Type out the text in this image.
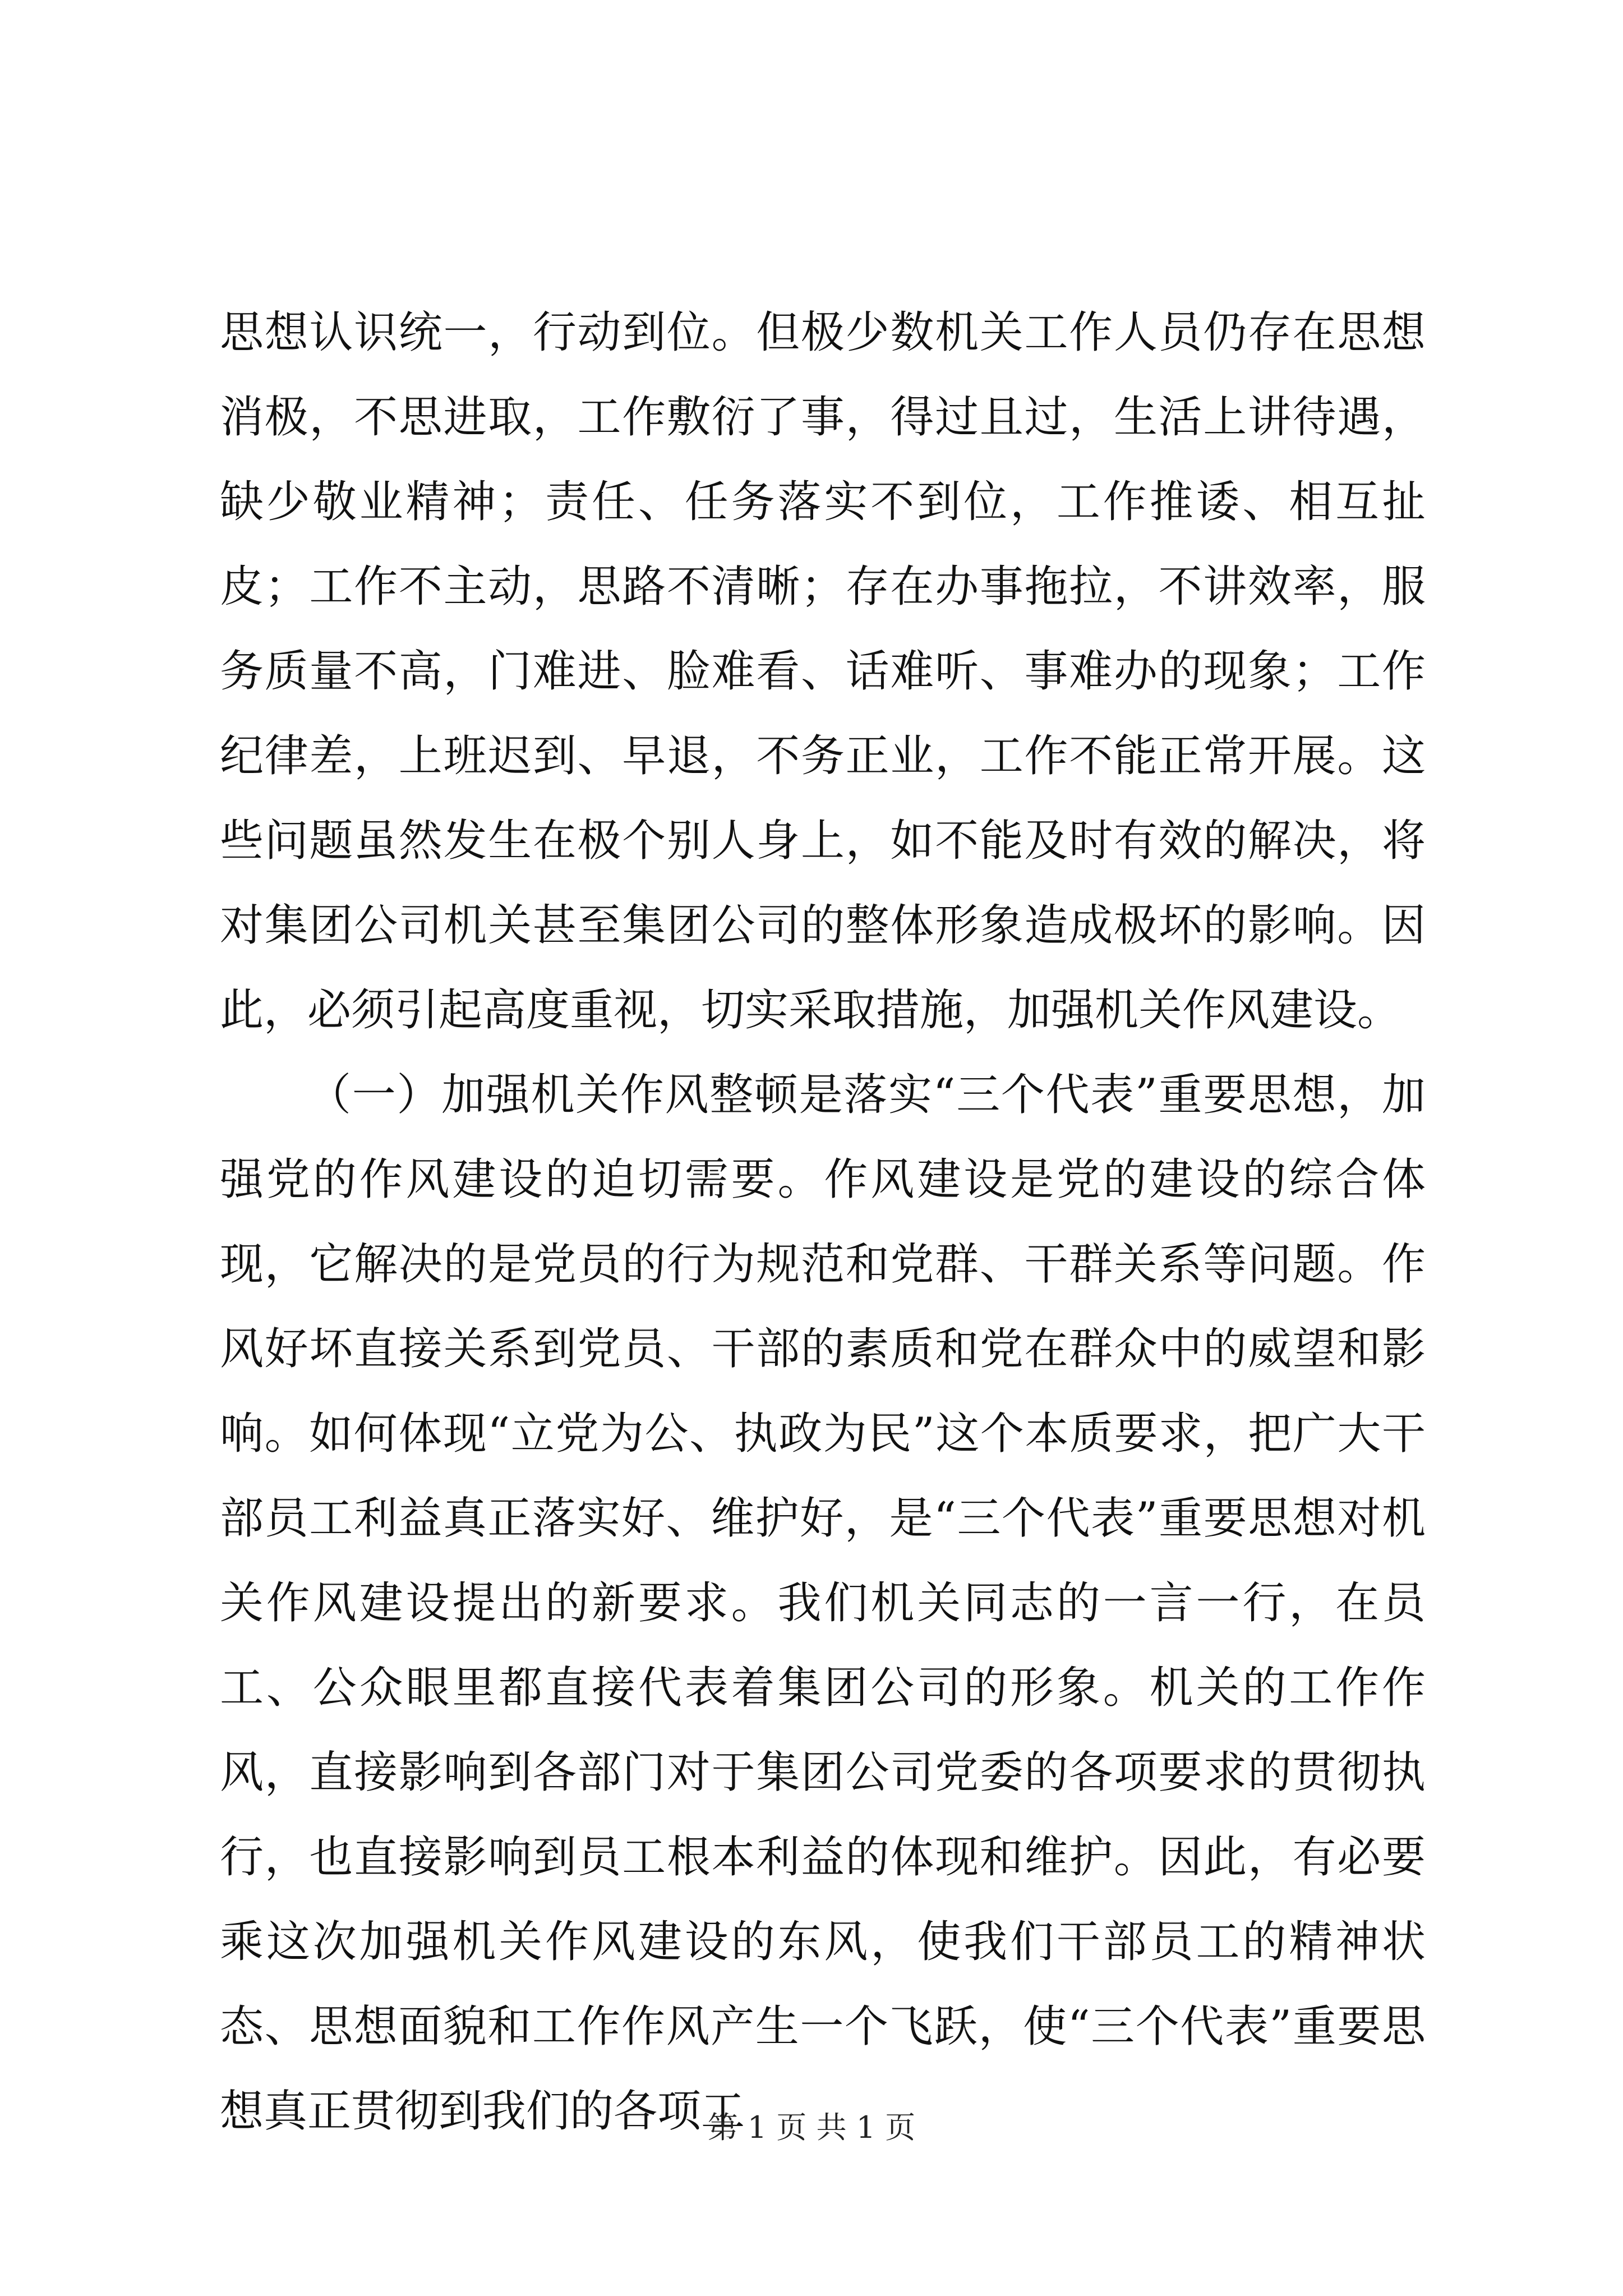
思想认识统一，行动到位。但极少数机关工作人员仍存在思想消极，不思进取，工作敷衍了事，得过且过，生活上讲待遇，缺少敬业精神；责任、任务落实不到位，工作推诿、相互扯皮；工作不主动，思路不清晰；存在办事拖拉，不讲效率，服务质量不高，门难进、脸难看、话难听、事难办的现象；工作纪律差，上班迟到、早退，不务正业，工作不能正常开展。这些问题虽然发生在极个别人身上，如不能及时有效的解决，将对集团公司机关甚至集团公司的整体形象造成极坏的影响。因此，必须引起高度重视，切实采取措施，加强机关作风建设。

（一）加强机关作风整顿是落实“三个代表”重要思想，加强党的作风建设的迫切需要。作风建设是党的建设的综合体现，它解决的是党员的行为规范和党群、干群关系等问题。作风好坏直接关系到党员、干部的素质和党在群众中的威望和影响。如何体现“立党为公、执政为民”这个本质要求，把广大干部员工利益真正落实好、维护好，是“三个代表”重要思想对机关作风建设提出的新要求。我们机关同志的一言一行，在员工、公众眼里都直接代表着集团公司的形象。机关的工作作风，直接影响到各部门对于集团公司党委的各项要求的贯彻执行，也直接影响到员工根本利益的体现和维护。因此，有必要乘这次加强机关作风建设的东风，使我们干部员工的精神状态、思想面貌和工作作风产生一个飞跃，使“三个代表”重要思想真正贯彻到我们的各项工

第 1 页 共 1 页
